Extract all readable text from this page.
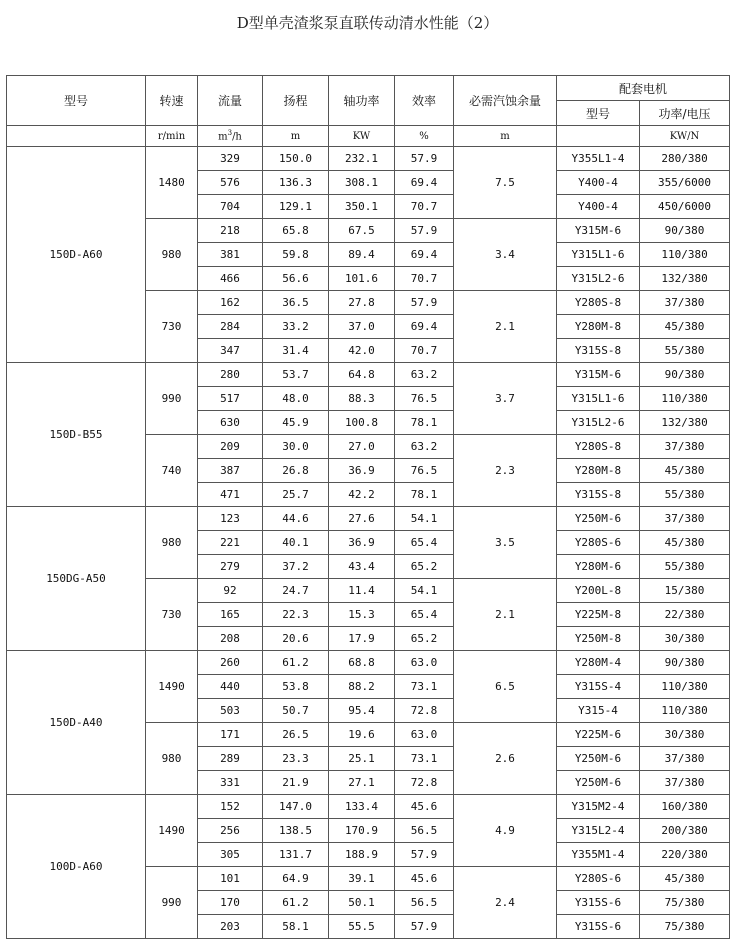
D型单壳渣浆泵直联传动清水性能（2）
型号	转速	流量	扬程	轴功率	效率	必需汽蚀余量	配套电机	
							型号	功率/电压
	r/min	$m^3/h$	m	KW	%	m		KW/N
150D-A60	1480	329	150.0	232.1	57.9	7.5	Y355L1-4	280/380
		576	136.3	308.1	69.4		Y400-4	355/6000
		704	129.1	350.1	70.7		Y400-4	450/6000
	980	218	65.8	67.5	57.9	3.4	Y315M-6	90/380
		381	59.8	89.4	69.4		Y315L1-6	110/380
		466	56.6	101.6	70.7		Y315L2-6	132/380
	730	162	36.5	27.8	57.9	2.1	Y280S-8	37/380
		284	33.2	37.0	69.4		Y280M-8	45/380
		347	31.4	42.0	70.7		Y315S-8	55/380
150D-B55	990	280	53.7	64.8	63.2	3.7	Y315M-6	90/380
		517	48.0	88.3	76.5		Y315L1-6	110/380
		630	45.9	100.8	78.1		Y315L2-6	132/380
	740	209	30.0	27.0	63.2	2.3	Y280S-8	37/380
		387	26.8	36.9	76.5		Y280M-8	45/380
		471	25.7	42.2	78.1		Y315S-8	55/380
150DG-A50	980	123	44.6	27.6	54.1	3.5	Y250M-6	37/380
		221	40.1	36.9	65.4		Y280S-6	45/380
		279	37.2	43.4	65.2		Y280M-6	55/380
	730	92	24.7	11.4	54.1	2.1	Y200L-8	15/380
		165	22.3	15.3	65.4		Y225M-8	22/380
		208	20.6	17.9	65.2		Y250M-8	30/380
150D-A40	1490	260	61.2	68.8	63.0	6.5	Y280M-4	90/380
		440	53.8	88.2	73.1		Y315S-4	110/380
		503	50.7	95.4	72.8		Y315-4	110/380
	980	171	26.5	19.6	63.0	2.6	Y225M-6	30/380
		289	23.3	25.1	73.1		Y250M-6	37/380
		331	21.9	27.1	72.8		Y250M-6	37/380
100D-A60	1490	152	147.0	133.4	45.6	4.9	Y315M2-4	160/380
		256	138.5	170.9	56.5		Y315L2-4	200/380
		305	131.7	188.9	57.9		Y355M1-4	220/380
	990	101	64.9	39.1	45.6	2.4	Y280S-6	45/380
		170	61.2	50.1	56.5		Y315S-6	75/380
		203	58.1	55.5	57.9		Y315S-6	75/380
